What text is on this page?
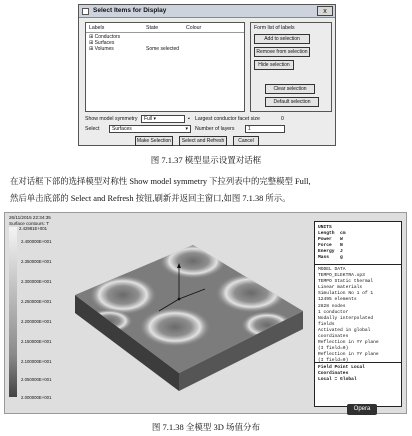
Select Items for Display	x
Labels	State	Colour
⊞ Conductors
⊞ Surfaces
⊞ Volumes	Some selected
Form list of labels
Add to selection
Remove from selection
Hide selection
Clear selection
Default selection
Show model symmetry	Full ▾	▪ Largest conductor facet size	0
Select	Surfaces	▾ Number of layers	1
Make Selection	Select and Refresh	Cancel
图 7.1.37 模型显示设置对话框
在对话框下部的选择模型对称性 Show model symmetry 下拉列表中的完整模型 Full,
然后单击底部的 Select and Refresh 按钮,刷新并返回主窗口,如图 7.1.38 所示。
26/11/2015 22:34:35
Surface contours: T
2.42981E+001
2.400000E+001
2.350000E+001
2.300000E+001
2.250000E+001
2.200000E+001
2.150000E+001
2.100000E+001
2.050000E+001
2.000000E+001
UNITS
Length  cm
Power   W
Force   N
Energy  J
Mass    g
MODEL DATA
TEMPO_ELEKTRA.op3
TEMPO Static thermal
Linear materials
Simulation No 1 of 1
12495 elements
2828 nodes
1 conductor
Nodally interpolated
fields
Activated in global
coordinates
Reflection in YY plane
(I field=0)
Reflection in YY plane
(I field=0)
Field Point Local
Coordinates
Local = Global
Opera
图 7.1.38 全模型 3D 场值分布
